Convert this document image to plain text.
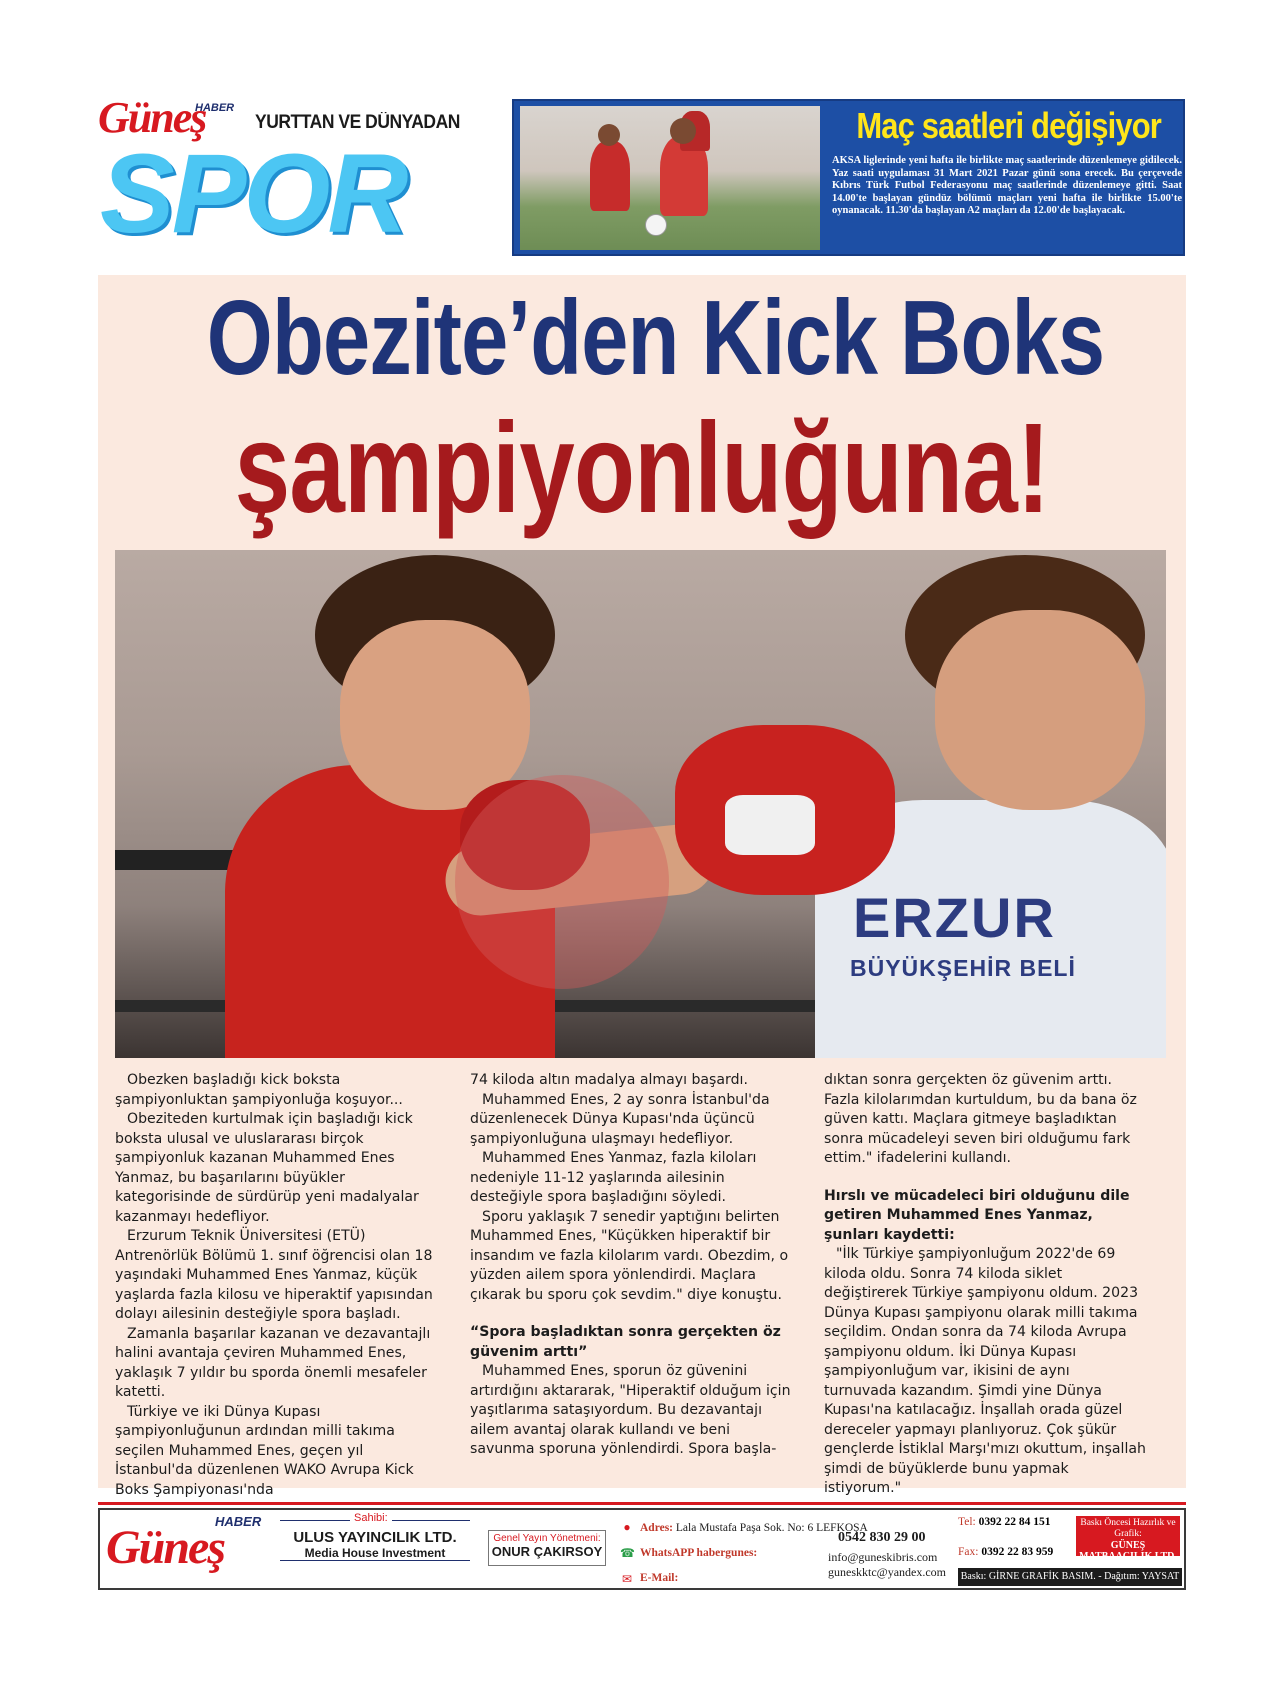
Güneş
HABER
YURTTAN VE DÜNYADAN
SPOR
Maç saatleri değişiyor
AKSA liglerinde yeni hafta ile birlikte maç saatlerinde düzenlemeye gidilecek. Yaz saati uygulaması 31 Mart 2021 Pazar günü sona erecek. Bu çerçevede Kıbrıs Türk Futbol Federasyonu maç saatlerinde düzenlemeye gitti. Saat 14.00'te başlayan gündüz bölümü maçları yeni hafta ile birlikte 15.00'te oynanacak. 11.30'da başlayan A2 maçları da 12.00'de başlayacak.
Obezite’den Kick Boks
şampiyonluğuna!
ERZUR
BÜYÜKŞEHİR BELİ

Obezken başladığı kick boksta şampiyonluktan şampiyonluğa koşuyor...

Obeziteden kurtulmak için başladığı kick boksta ulusal ve uluslararası birçok şampiyonluk kazanan Muhammed Enes Yanmaz, bu başarılarını büyükler kategorisinde de sürdürüp yeni madalyalar kazanmayı hedefliyor.

Erzurum Teknik Üniversitesi (ETÜ) Antrenörlük Bölümü 1. sınıf öğrencisi olan 18 yaşındaki Muhammed Enes Yanmaz, küçük yaşlarda fazla kilosu ve hiperaktif yapısından dolayı ailesinin desteğiyle spora başladı.

Zamanla başarılar kazanan ve dezavantajlı halini avantaja çeviren Muhammed Enes, yaklaşık 7 yıldır bu sporda önemli mesafeler katetti.

Türkiye ve iki Dünya Kupası şampiyonluğunun ardından milli takıma seçilen Muhammed Enes, geçen yıl İstanbul'da düzenlenen WAKO Avrupa Kick Boks Şampiyonası'nda

74 kiloda altın madalya almayı başardı.

Muhammed Enes, 2 ay sonra İstanbul'da düzenlenecek Dünya Kupası'nda üçüncü şampiyonluğuna ulaşmayı hedefliyor.

Muhammed Enes Yanmaz, fazla kiloları nedeniyle 11-12 yaşlarında ailesinin desteğiyle spora başladığını söyledi.

Sporu yaklaşık 7 senedir yaptığını belirten Muhammed Enes, "Küçükken hiperaktif bir insandım ve fazla kilolarım vardı. Obezdim, o yüzden ailem spora yönlendirdi. Maçlara çıkarak bu sporu çok sevdim." diye konuştu.

“Spora başladıktan sonra gerçekten öz güvenim arttı”

Muhammed Enes, sporun öz güvenini artırdığını aktararak, "Hiperaktif olduğum için yaşıtlarıma sataşıyordum. Bu dezavantajı ailem avantaj olarak kullandı ve beni savunma sporuna yönlendirdi. Spora başla-

dıktan sonra gerçekten öz güvenim arttı. Fazla kilolarımdan kurtuldum, bu da bana öz güven kattı. Maçlara gitmeye başladıktan sonra mücadeleyi seven biri olduğumu fark ettim." ifadelerini kullandı.

Hırslı ve mücadeleci biri olduğunu dile getiren Muhammed Enes Yanmaz, şunları kaydetti:

"İlk Türkiye şampiyonluğum 2022'de 69 kiloda oldu. Sonra 74 kiloda siklet değiştirerek Türkiye şampiyonu oldum. 2023 Dünya Kupası şampiyonu olarak milli takıma seçildim. Ondan sonra da 74 kiloda Avrupa şampiyonu oldum. İki Dünya Kupası şampiyonluğum var, ikisini de aynı turnuvada kazandım. Şimdi yine Dünya Kupası'na katılacağız. İnşallah orada güzel dereceler yapmayı planlıyoruz. Çok şükür gençlerde İstiklal Marşı'mızı okuttum, inşallah şimdi de büyüklerde bunu yapmak istiyorum."

Güneş
HABER	Sahibi:
ULUS YAYINCILIK LTD.
Media House Investment
Genel Yayın Yönetmeni:
ONUR ÇAKIRSOY
●
☎
✉
Adres: Lala Mustafa Paşa Sok. No: 6 LEFKOŞA
WhatsAPP habergunes:
E-Mail:
0542 830 29 00
info@guneskibris.com
guneskktc@yandex.com
Tel: 0392 22 84 151
Fax: 0392 22 83 959
Baskı Öncesi Hazırlık ve Grafik:
GÜNEŞ MATBAACILIK LTD.
Baskı: GİRNE GRAFİK BASIM. - Dağıtım: YAYSAT
